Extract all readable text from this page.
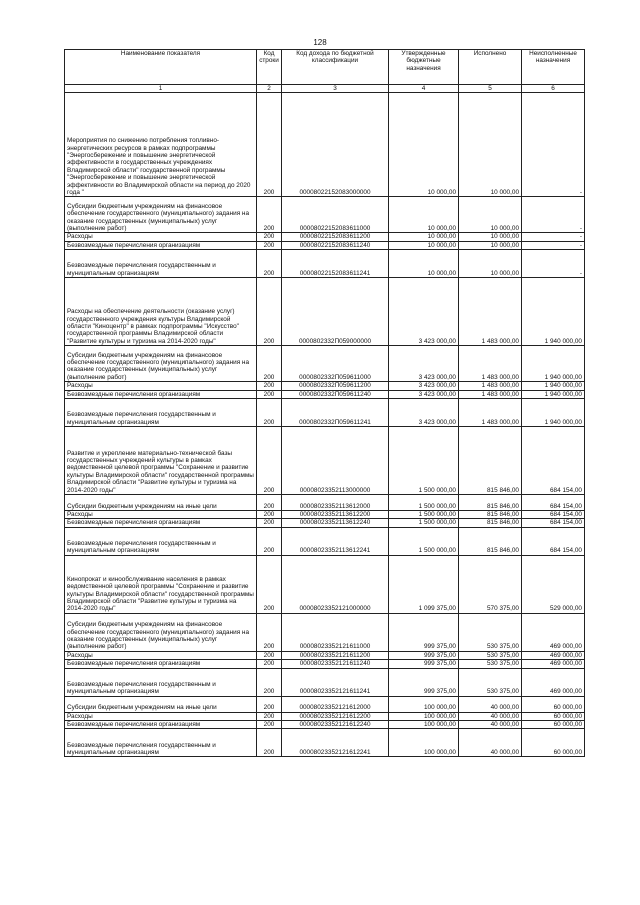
128
Наименование показателя	Код строки	Код дохода по бюджетной классификации	Утвержденные бюджетные назначения	Исполнено	Неисполненные назначения
1	2	3	4	5	6
Мероприятия по снижению потребления топливно-энергетических ресурсов в рамках подпрограммы "Энергосбережение и повышение энергетической эффективности в государственных учреждениях Владимирской области" государственной программы "Энергосбережение и повышение энергетической эффективности во Владимирской области на период до 2020 года "	200	00008022152083000000	10 000,00	10 000,00	-
Субсидии бюджетным учреждениям на финансовое обеспечение государственного (муниципального) задания на оказание государственных (муниципальных) услуг (выполнение работ)	200	00008022152083611000	10 000,00	10 000,00	-
Расходы	200	00008022152083611200	10 000,00	10 000,00	-
Безвозмездные перечисления организациям	200	00008022152083611240	10 000,00	10 000,00	-
Безвозмездные перечисления государственным и муниципальным организациям	200	00008022152083611241	10 000,00	10 000,00	-
Расходы на обеспечение деятельности (оказание услуг) государственного учреждения культуры Владимирской области "Киноцентр" в рамках подпрограммы "Искусство" государственной программы Владимирской области "Развитие культуры и туризма на 2014-2020 годы"	200	0000802332П059000000	3 423 000,00	1 483 000,00	1 940 000,00
Субсидии бюджетным учреждениям на финансовое обеспечение государственного (муниципального) задания на оказание государственных (муниципальных) услуг (выполнение работ)	200	0000802332П059611000	3 423 000,00	1 483 000,00	1 940 000,00
Расходы	200	0000802332П059611200	3 423 000,00	1 483 000,00	1 940 000,00
Безвозмездные перечисления организациям	200	0000802332П059611240	3 423 000,00	1 483 000,00	1 940 000,00
Безвозмездные перечисления государственным и муниципальным организациям	200	0000802332П059611241	3 423 000,00	1 483 000,00	1 940 000,00
Развитие и укрепление материально-технической базы государственных учреждений культуры в рамках ведомственной целевой программы "Сохранение и развитие культуры Владимирской области" государственной программы Владимирской области "Развитие культуры и туризма на 2014-2020 годы"	200	00008023352113000000	1 500 000,00	815 846,00	684 154,00
Субсидии бюджетным учреждениям на иные цели	200	00008023352113612000	1 500 000,00	815 846,00	684 154,00
Расходы	200	00008023352113612200	1 500 000,00	815 846,00	684 154,00
Безвозмездные перечисления организациям	200	00008023352113612240	1 500 000,00	815 846,00	684 154,00
Безвозмездные перечисления государственным и муниципальным организациям	200	00008023352113612241	1 500 000,00	815 846,00	684 154,00
Кинопрокат и кинообслуживание населения в рамках ведомственной целевой программы "Сохранение и развитие культуры Владимирской области" государственной программы Владимирской области "Развитие культуры и туризма на 2014-2020 годы"	200	00008023352121000000	1 099 375,00	570 375,00	529 000,00
Субсидии бюджетным учреждениям на финансовое обеспечение государственного (муниципального) задания на оказание государственных (муниципальных) услуг (выполнение работ)	200	00008023352121611000	999 375,00	530 375,00	469 000,00
Расходы	200	00008023352121611200	999 375,00	530 375,00	469 000,00
Безвозмездные перечисления организациям	200	00008023352121611240	999 375,00	530 375,00	469 000,00
Безвозмездные перечисления государственным и муниципальным организациям	200	00008023352121611241	999 375,00	530 375,00	469 000,00
Субсидии бюджетным учреждениям на иные цели	200	00008023352121612000	100 000,00	40 000,00	60 000,00
Расходы	200	00008023352121612200	100 000,00	40 000,00	60 000,00
Безвозмездные перечисления организациям	200	00008023352121612240	100 000,00	40 000,00	60 000,00
Безвозмездные перечисления государственным и муниципальным организациям	200	00008023352121612241	100 000,00	40 000,00	60 000,00
